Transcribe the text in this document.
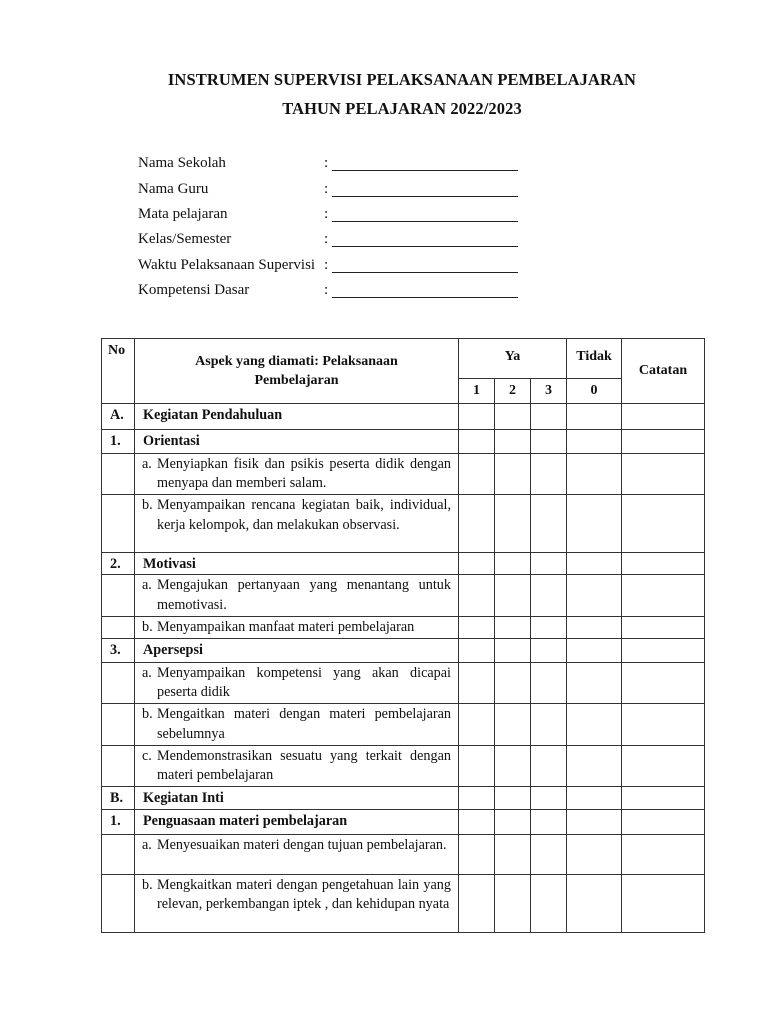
INSTRUMEN SUPERVISI PELAKSANAAN PEMBELAJARAN
TAHUN PELAJARAN 2022/2023
Nama Sekolah	:
Nama Guru	:
Mata pelajaran	:
Kelas/Semester	:
Waktu Pelaksanaan Supervisi :
Kompetensi Dasar	:
No	Aspek yang diamati: Pelaksanaan Pembelajaran	Ya			Tidak	Catatan
		1	2	3	0	
A.	Kegiatan Pendahuluan					
1.	Orientasi					

	a. Menyiapkan fisik dan psikis peserta didik dengan menyapa dan memberi salam.					

	b. Menyampaikan rencana kegiatan baik, individual, kerja kelompok, dan melakukan observasi.					

2.	Motivasi					

	a. Mengajukan pertanyaan yang menantang untuk memotivasi.					

	b. Menyampaikan manfaat materi pembelajaran					

3.	Apersepsi					

	a. Menyampaikan kompetensi yang akan dicapai peserta didik					

	b. Mengaitkan materi dengan materi pembelajaran sebelumnya					

	c. Mendemonstrasikan sesuatu yang terkait dengan materi pembelajaran					

B.	Kegiatan Inti					
1.	Penguasaan materi pembelajaran					

	a. Menyesuaikan materi dengan tujuan pembelajaran.					

	b. Mengkaitkan materi dengan pengetahuan lain yang relevan, perkembangan iptek , dan kehidupan nyata					
